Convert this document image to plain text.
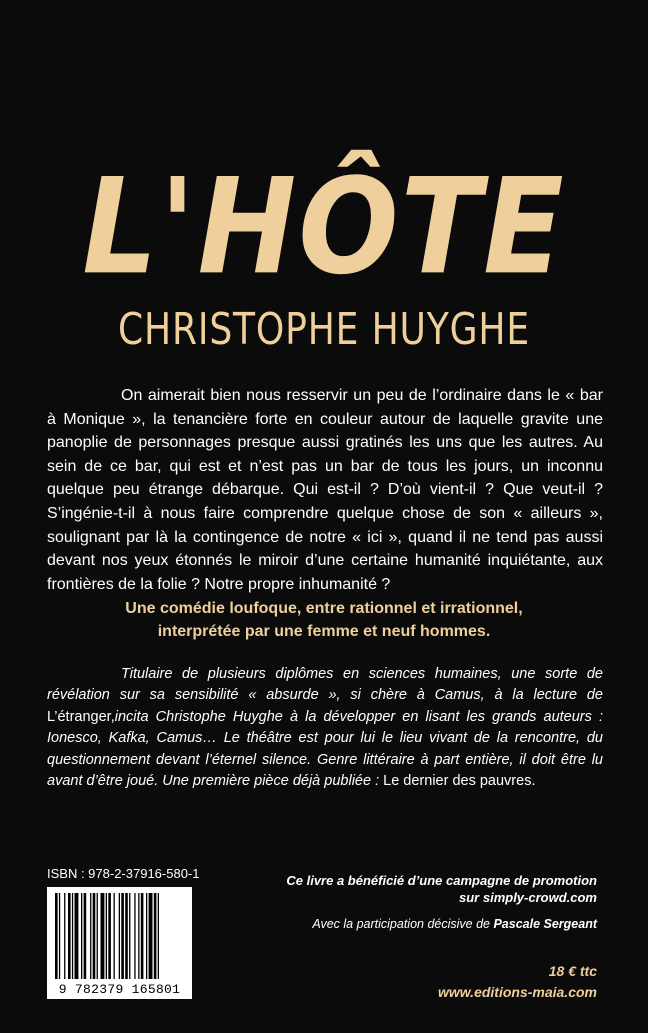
L'HÔTE
CHRISTOPHE HUYGHE

On aimerait bien nous resservir un peu de l’ordinaire dans le « bar à Monique », la tenancière forte en couleur autour de laquelle gravite une panoplie de personnages presque aussi gratinés les uns que les autres. Au sein de ce bar, qui est et n’est pas un bar de tous les jours, un inconnu quelque peu étrange débarque. Qui est-il ? D’où vient-il ? Que veut-il ? S’ingénie-t-il à nous faire comprendre quelque chose de son « ailleurs », soulignant par là la contingence de notre « ici », quand il ne tend pas aussi devant nos yeux étonnés le miroir d’une certaine humanité inquiétante, aux frontières de la folie ? Notre propre inhumanité ?

Une comédie loufoque, entre rationnel et irrationnel,
interprétée par une femme et neuf hommes.

Titulaire de plusieurs diplômes en sciences humaines, une sorte de révélation sur sa sensibilité « absurde », si chère à Camus, à la lecture de L’étranger,incita Christophe Huyghe à la développer en lisant les grands auteurs : Ionesco, Kafka, Camus… Le théâtre est pour lui le lieu vivant de la rencontre, du questionnement devant l’éternel silence. Genre littéraire à part entière, il doit être lu avant d’être joué. Une première pièce déjà publiée : Le dernier des pauvres.

ISBN : 978-2-37916-580-1
9 782379 165801
Ce livre a bénéficié d’une campagne de promotion
sur simply-crowd.com
Avec la participation décisive de Pascale Sergeant
18 € ttc
www.editions-maia.com
